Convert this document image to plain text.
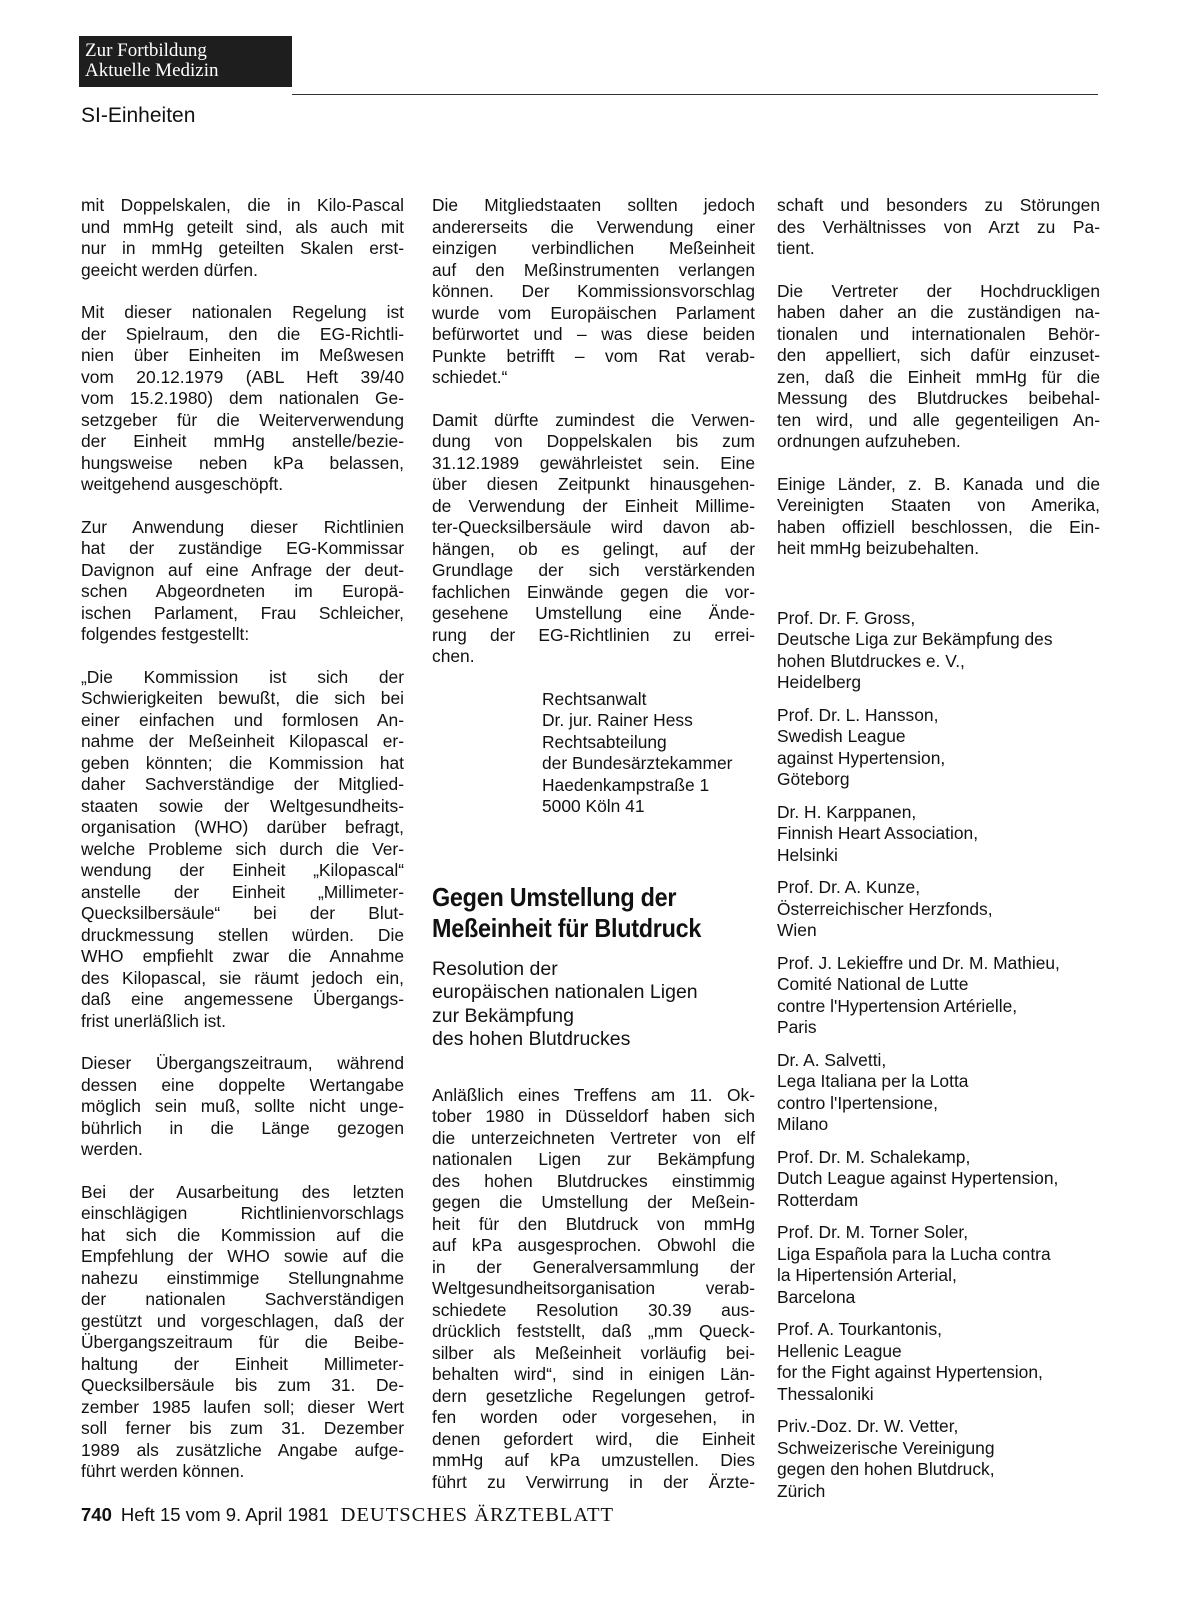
Zur Fortbildung
Aktuelle Medizin
SI-Einheiten
mit Doppelskalen, die in Kilo-Pascal
und mmHg geteilt sind, als auch mit
nur in mmHg geteilten Skalen erst-
geeicht werden dürfen.
Mit dieser nationalen Regelung ist
der Spielraum, den die EG-Richtli-
nien über Einheiten im Meßwesen
vom 20.12.1979 (ABL Heft 39/40
vom 15.2.1980) dem nationalen Ge-
setzgeber für die Weiterverwendung
der Einheit mmHg anstelle/bezie-
hungsweise neben kPa belassen,
weitgehend ausgeschöpft.
Zur Anwendung dieser Richtlinien
hat der zuständige EG-Kommissar
Davignon auf eine Anfrage der deut-
schen Abgeordneten im Europä-
ischen Parlament, Frau Schleicher,
folgendes festgestellt:
„Die Kommission ist sich der
Schwierigkeiten bewußt, die sich bei
einer einfachen und formlosen An-
nahme der Meßeinheit Kilopascal er-
geben könnten; die Kommission hat
daher Sachverständige der Mitglied-
staaten sowie der Weltgesundheits-
organisation (WHO) darüber befragt,
welche Probleme sich durch die Ver-
wendung der Einheit „Kilopascal“
anstelle der Einheit „Millimeter-
Quecksilbersäule“ bei der Blut-
druckmessung stellen würden. Die
WHO empfiehlt zwar die Annahme
des Kilopascal, sie räumt jedoch ein,
daß eine angemessene Übergangs-
frist unerläßlich ist.
Dieser Übergangszeitraum, während
dessen eine doppelte Wertangabe
möglich sein muß, sollte nicht unge-
bührlich in die Länge gezogen
werden.
Bei der Ausarbeitung des letzten
einschlägigen Richtlinienvorschlags
hat sich die Kommission auf die
Empfehlung der WHO sowie auf die
nahezu einstimmige Stellungnahme
der nationalen Sachverständigen
gestützt und vorgeschlagen, daß der
Übergangszeitraum für die Beibe-
haltung der Einheit Millimeter-
Quecksilbersäule bis zum 31. De-
zember 1985 laufen soll; dieser Wert
soll ferner bis zum 31. Dezember
1989 als zusätzliche Angabe aufge-
führt werden können.
Die Mitgliedstaaten sollten jedoch
andererseits die Verwendung einer
einzigen verbindlichen Meßeinheit
auf den Meßinstrumenten verlangen
können. Der Kommissionsvorschlag
wurde vom Europäischen Parlament
befürwortet und – was diese beiden
Punkte betrifft – vom Rat verab-
schiedet.“
Damit dürfte zumindest die Verwen-
dung von Doppelskalen bis zum
31.12.1989 gewährleistet sein. Eine
über diesen Zeitpunkt hinausgehen-
de Verwendung der Einheit Millime-
ter-Quecksilbersäule wird davon ab-
hängen, ob es gelingt, auf der
Grundlage der sich verstärkenden
fachlichen Einwände gegen die vor-
gesehene Umstellung eine Ände-
rung der EG-Richtlinien zu errei-
chen.
Rechtsanwalt
Dr. jur. Rainer Hess
Rechtsabteilung
der Bundesärztekammer
Haedenkampstraße 1
5000 Köln 41
Gegen Umstellung der
Meßeinheit für Blutdruck
Resolution der
europäischen nationalen Ligen
zur Bekämpfung
des hohen Blutdruckes
Anläßlich eines Treffens am 11. Ok-
tober 1980 in Düsseldorf haben sich
die unterzeichneten Vertreter von elf
nationalen Ligen zur Bekämpfung
des hohen Blutdruckes einstimmig
gegen die Umstellung der Meßein-
heit für den Blutdruck von mmHg
auf kPa ausgesprochen. Obwohl die
in der Generalversammlung der
Weltgesundheitsorganisation verab-
schiedete Resolution 30.39 aus-
drücklich feststellt, daß „mm Queck-
silber als Meßeinheit vorläufig bei-
behalten wird“, sind in einigen Län-
dern gesetzliche Regelungen getrof-
fen worden oder vorgesehen, in
denen gefordert wird, die Einheit
mmHg auf kPa umzustellen. Dies
führt zu Verwirrung in der Ärzte-
schaft und besonders zu Störungen
des Verhältnisses von Arzt zu Pa-
tient.
Die Vertreter der Hochdruckligen
haben daher an die zuständigen na-
tionalen und internationalen Behör-
den appelliert, sich dafür einzuset-
zen, daß die Einheit mmHg für die
Messung des Blutdruckes beibehal-
ten wird, und alle gegenteiligen An-
ordnungen aufzuheben.
Einige Länder, z. B. Kanada und die
Vereinigten Staaten von Amerika,
haben offiziell beschlossen, die Ein-
heit mmHg beizubehalten.
Prof. Dr. F. Gross,
Deutsche Liga zur Bekämpfung des
hohen Blutdruckes e. V.,
Heidelberg
Prof. Dr. L. Hansson,
Swedish League
against Hypertension,
Göteborg
Dr. H. Karppanen,
Finnish Heart Association,
Helsinki
Prof. Dr. A. Kunze,
Österreichischer Herzfonds,
Wien
Prof. J. Lekieffre und Dr. M. Mathieu,
Comité National de Lutte
contre l'Hypertension Artérielle,
Paris
Dr. A. Salvetti,
Lega Italiana per la Lotta
contro l'Ipertensione,
Milano
Prof. Dr. M. Schalekamp,
Dutch League against Hypertension,
Rotterdam
Prof. Dr. M. Torner Soler,
Liga Española para la Lucha contra
la Hipertensión Arterial,
Barcelona
Prof. A. Tourkantonis,
Hellenic League
for the Fight against Hypertension,
Thessaloniki
Priv.-Doz. Dr. W. Vetter,
Schweizerische Vereinigung
gegen den hohen Blutdruck,
Zürich
740 Heft 15 vom 9. April 1981 DEUTSCHES ÄRZTEBLATT
